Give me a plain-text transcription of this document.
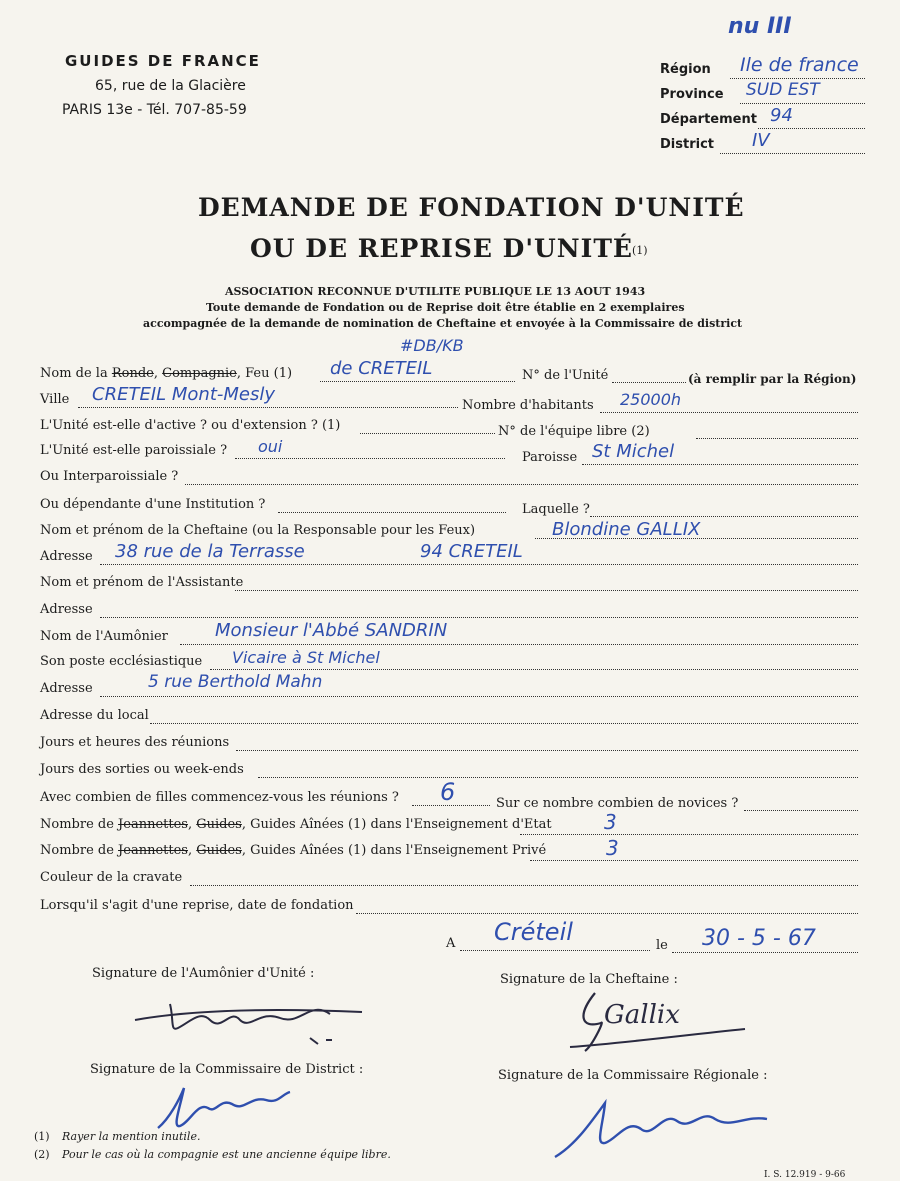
GUIDES DE FRANCE
65, rue de la Glacière
PARIS 13e - Tél. 707-85-59
nu III
Région Ile de france
Province SUD EST
Département 94
District IV
DEMANDE DE FONDATION D'UNITÉ
OU DE REPRISE D'UNITÉ (1)
ASSOCIATION RECONNUE D'UTILITE PUBLIQUE LE 13 AOUT 1943
Toute demande de Fondation ou de Reprise doit être établie en 2 exemplaires
accompagnée de la demande de nomination de Cheftaine et envoyée à la Commissaire de district
#DB/KB
Nom de la Ronde, Compagnie, Feu (1) de CRETEIL	N° de l'Unité	(à remplir par la Région)
Ville CRETEIL Mont-Mesly
Nombre d'habitants 25000h
L'Unité est-elle d'active ? ou d'extension ? (1)	N° de l'équipe libre (2)
L'Unité est-elle paroissiale ? oui
Paroisse St Michel
Ou Interparoissiale ?
Ou dépendante d'une Institution ?	Laquelle ?
Nom et prénom de la Cheftaine (ou la Responsable pour les Feux)	Blondine GALLIX
Adresse 38 rue de la Terrasse	94 CRETEIL
Nom et prénom de l'Assistante
Adresse
Nom de l'Aumônier	Monsieur l'Abbé SANDRIN
Son poste ecclésiastique Vicaire à St Michel
Adresse	5 rue Berthold Mahn
Adresse du local
Jours et heures des réunions
Jours des sorties ou week-ends
Avec combien de filles commencez-vous les réunions ? 6	Sur ce nombre combien de novices ?
Nombre de Jeannettes, Guides, Guides Aînées (1) dans l'Enseignement d'Etat	3
Nombre de Jeannettes, Guides, Guides Aînées (1) dans l'Enseignement Privé	3
Couleur de la cravate
Lorsqu'il s'agit d'une reprise, date de fondation
A Créteil	le 30 - 5 - 67
Signature de l'Aumônier d'Unité :	Signature de la Cheftaine :
Signature de la Commissaire de District :	Signature de la Commissaire Régionale :
Gallix
(1) Rayer la mention inutile.
(2) Pour le cas où la compagnie est une ancienne équipe libre.
I. S. 12.919 - 9-66
